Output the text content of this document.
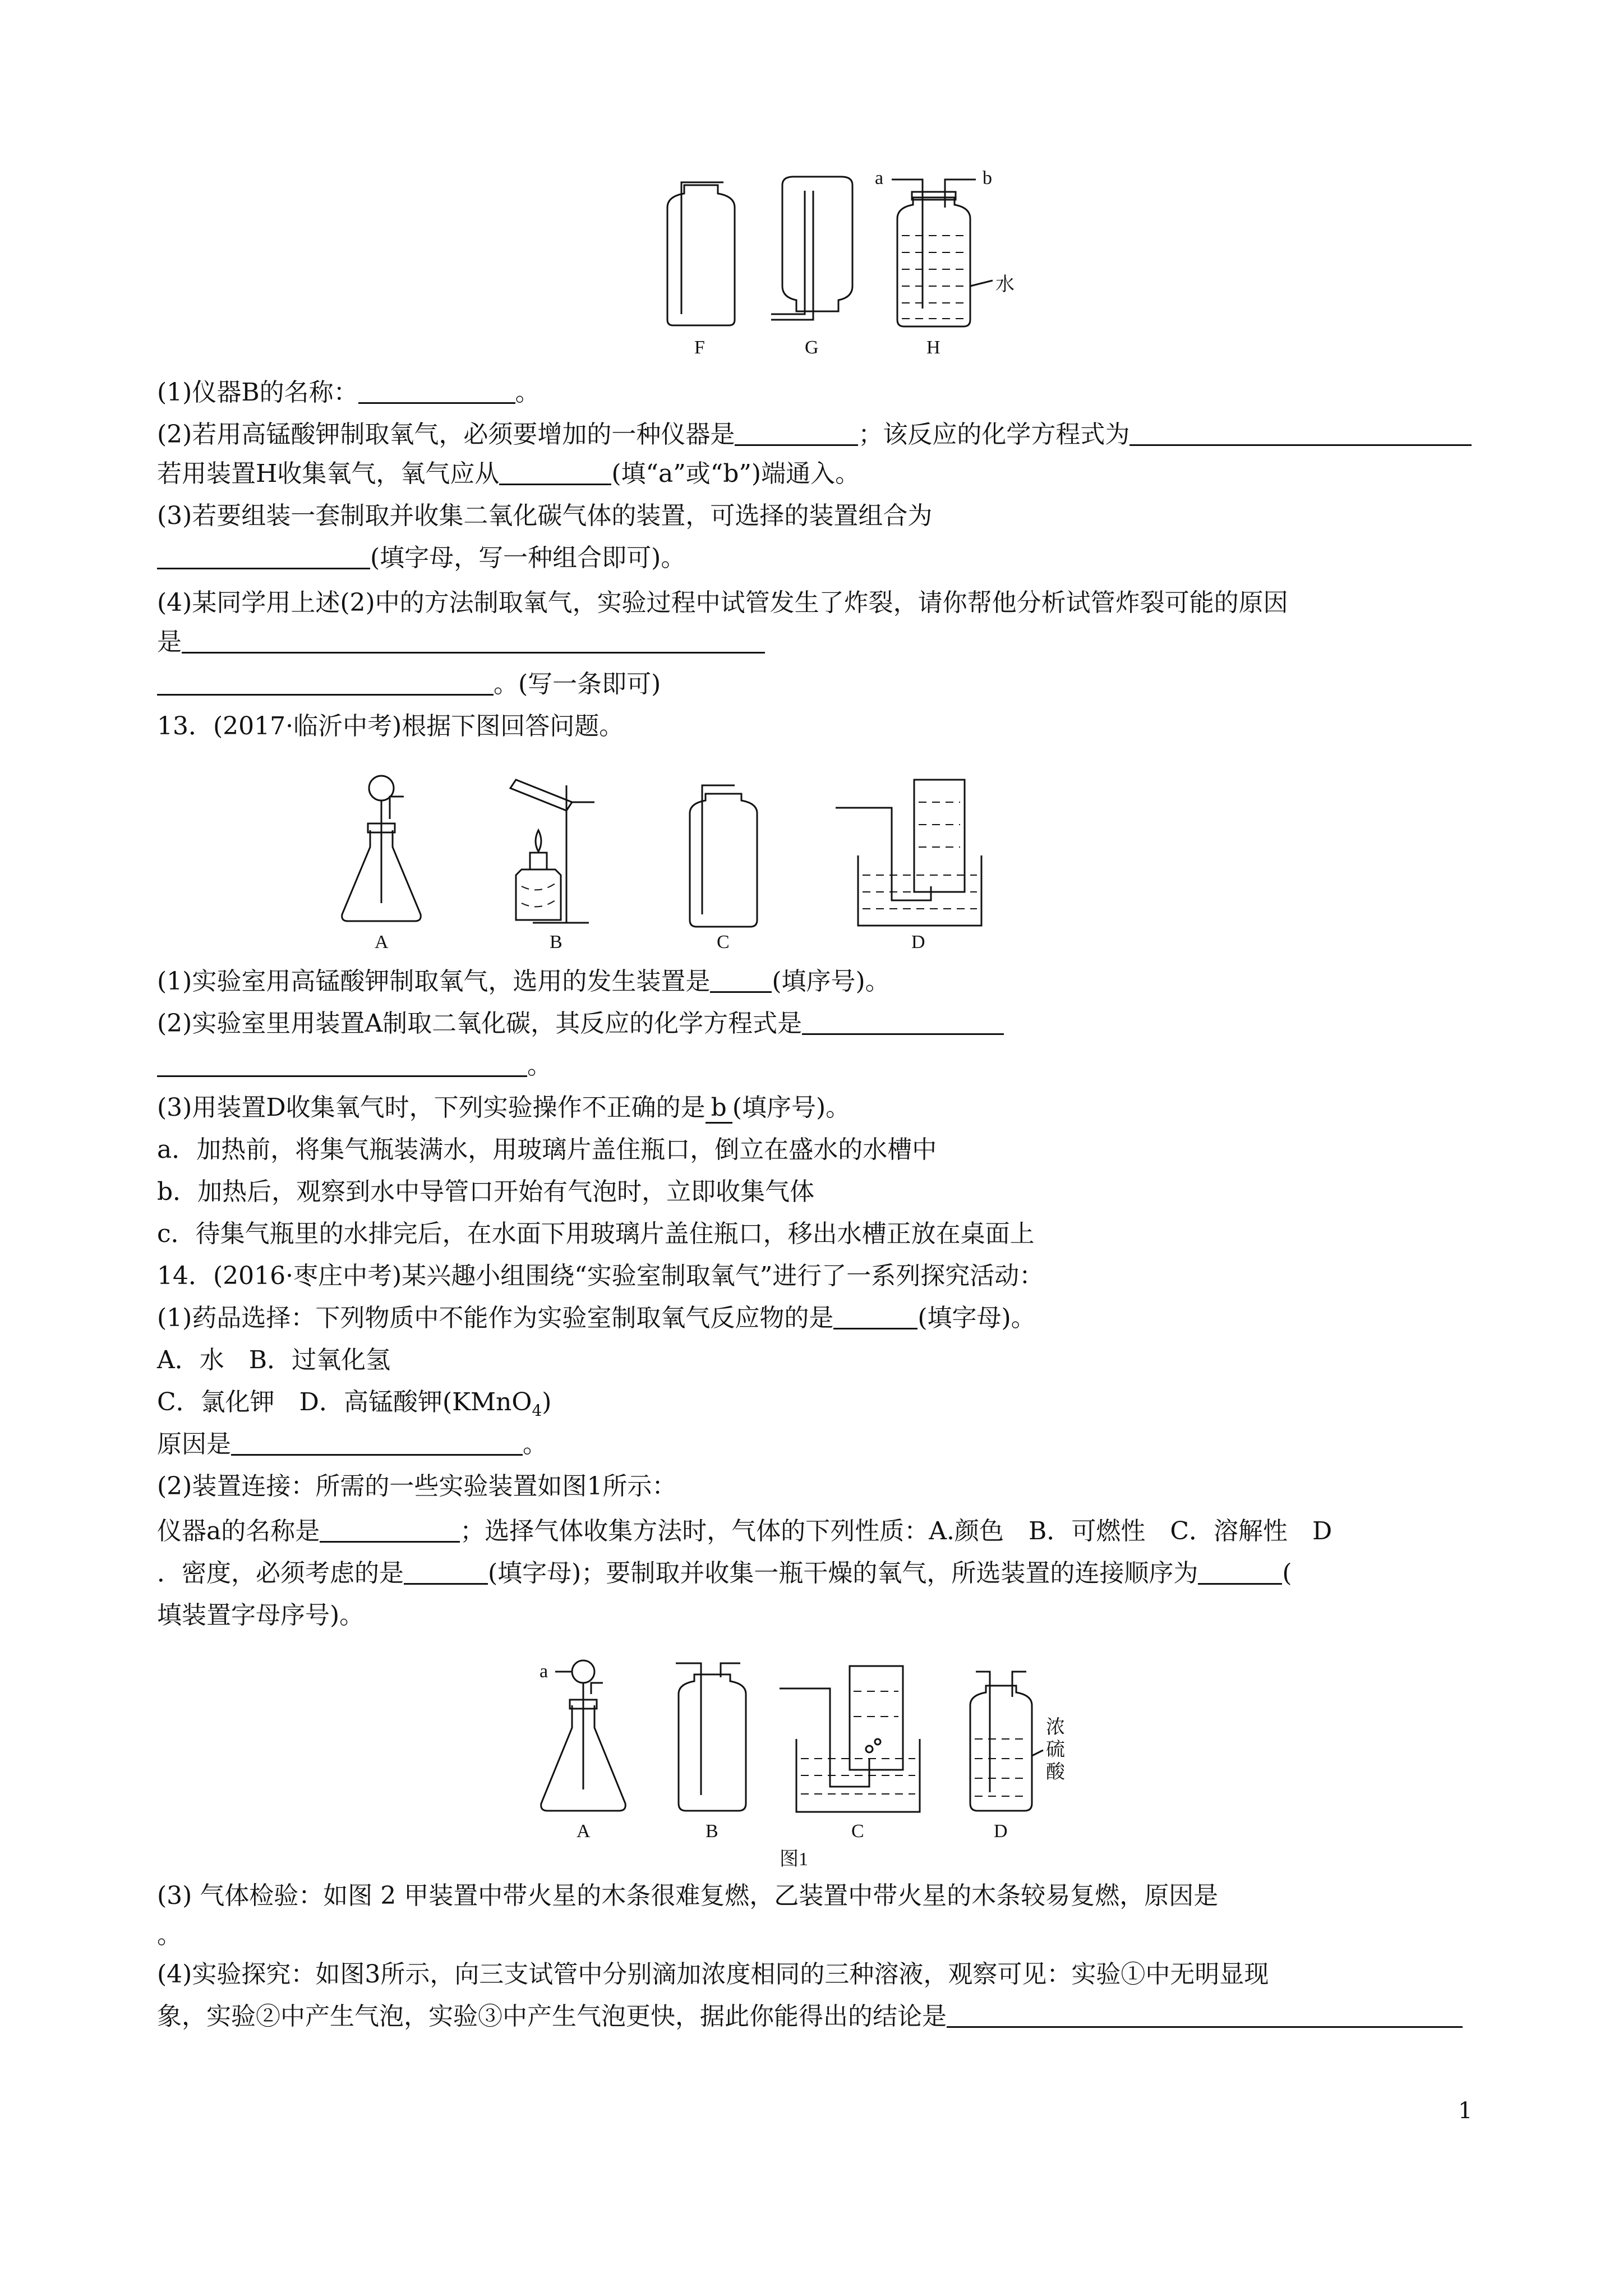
a	b
水
F	G	H
(1)仪器B的名称：	。
(2)若用高锰酸钾制取氧气，必须要增加的一种仪器是	；该反应的化学方程式为
若用装置H收集氧气，氧气应从	(填“a”或“b”)端通入。
(3)若要组装一套制取并收集二氧化碳气体的装置，可选择的装置组合为
(填字母，写一种组合即可)。
(4)某同学用上述(2)中的方法制取氧气，实验过程中试管发生了炸裂，请你帮他分析试管炸裂可能的原因
是
。(写一条即可)
13．(2017·临沂中考)根据下图回答问题。
A	B	C	D
(1)实验室用高锰酸钾制取氧气，选用的发生装置是	(填序号)。
(2)实验室里用装置A制取二氧化碳，其反应的化学方程式是
。
(3)用装置D收集氧气时，下列实验操作不正确的是 b (填序号)。
a．加热前，将集气瓶装满水，用玻璃片盖住瓶口，倒立在盛水的水槽中
b．加热后，观察到水中导管口开始有气泡时，立即收集气体
c．待集气瓶里的水排完后，在水面下用玻璃片盖住瓶口，移出水槽正放在桌面上
14．(2016·枣庄中考)某兴趣小组围绕“实验室制取氧气”进行了一系列探究活动：
(1)药品选择：下列物质中不能作为实验室制取氧气反应物的是	(填字母)。
A．水　B．过氧化氢
C．氯化钾　D．高锰酸钾(KMnO$_4$)
原因是	。
(2)装置连接：所需的一些实验装置如图1所示：
仪器a的名称是	；选择气体收集方法时，气体的下列性质：A.颜色　B．可燃性　C．溶解性　D
．密度，必须考虑的是	(填字母)；要制取并收集一瓶干燥的氧气，所选装置的连接顺序为	(
填装置字母序号)。
a
浓
硫
酸
A	B	C	D
图1
(3) 气体检验：如图 2 甲装置中带火星的木条很难复燃，乙装置中带火星的木条较易复燃，原因是
。
(4)实验探究：如图3所示，向三支试管中分别滴加浓度相同的三种溶液，观察可见：实验①中无明显现
象，实验②中产生气泡，实验③中产生气泡更快，据此你能得出的结论是
1
